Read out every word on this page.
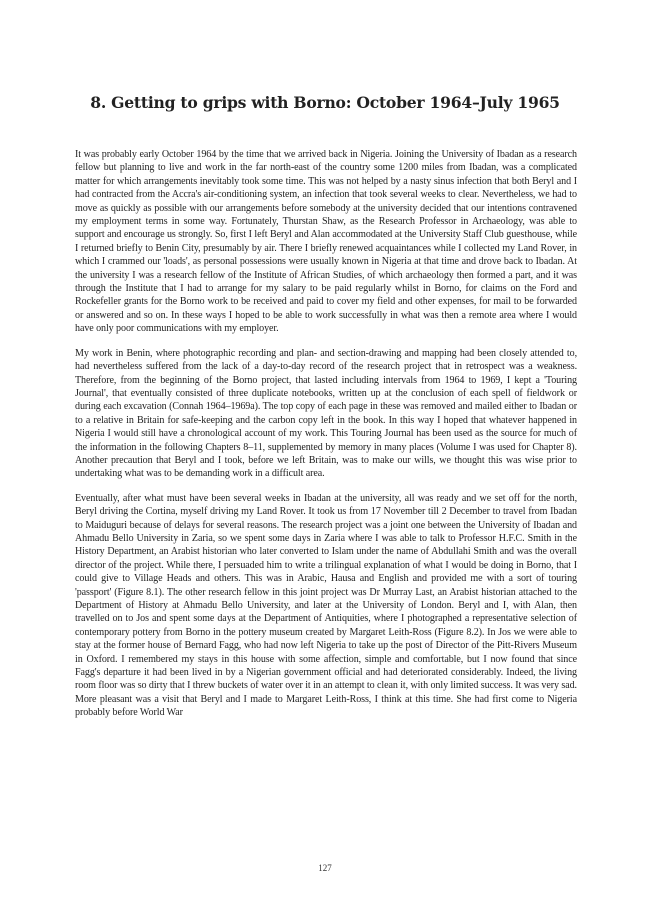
8. Getting to grips with Borno: October 1964–July 1965

It was probably early October 1964 by the time that we arrived back in Nigeria. Joining the University of Ibadan as a research fellow but planning to live and work in the far north-east of the country some 1200 miles from Ibadan, was a complicated matter for which arrangements inevitably took some time. This was not helped by a nasty sinus infection that both Beryl and I had contracted from the Accra's air-conditioning system, an infection that took several weeks to clear. Nevertheless, we had to move as quickly as possible with our arrangements before somebody at the university decided that our intentions contravened my employment terms in some way. Fortunately, Thurstan Shaw, as the Research Professor in Archaeology, was able to support and encourage us strongly. So, first I left Beryl and Alan accommodated at the University Staff Club guesthouse, while I returned briefly to Benin City, presumably by air. There I briefly renewed acquaintances while I collected my Land Rover, in which I crammed our 'loads', as personal possessions were usually known in Nigeria at that time and drove back to Ibadan. At the university I was a research fellow of the Institute of African Studies, of which archaeology then formed a part, and it was through the Institute that I had to arrange for my salary to be paid regularly whilst in Borno, for claims on the Ford and Rockefeller grants for the Borno work to be received and paid to cover my field and other expenses, for mail to be forwarded or answered and so on. In these ways I hoped to be able to work successfully in what was then a remote area where I would have only poor communications with my employer.

My work in Benin, where photographic recording and plan- and section-drawing and mapping had been closely attended to, had nevertheless suffered from the lack of a day-to-day record of the research project that in retrospect was a weakness. Therefore, from the beginning of the Borno project, that lasted including intervals from 1964 to 1969, I kept a 'Touring Journal', that eventually consisted of three duplicate notebooks, written up at the conclusion of each spell of fieldwork or during each excavation (Connah 1964–1969a). The top copy of each page in these was removed and mailed either to Ibadan or to a relative in Britain for safe-keeping and the carbon copy left in the book. In this way I hoped that whatever happened in Nigeria I would still have a chronological account of my work. This Touring Journal has been used as the source for much of the information in the following Chapters 8–11, supplemented by memory in many places (Volume I was used for Chapter 8). Another precaution that Beryl and I took, before we left Britain, was to make our wills, we thought this was wise prior to undertaking what was to be demanding work in a difficult area.

Eventually, after what must have been several weeks in Ibadan at the university, all was ready and we set off for the north, Beryl driving the Cortina, myself driving my Land Rover. It took us from 17 November till 2 December to travel from Ibadan to Maiduguri because of delays for several reasons. The research project was a joint one between the University of Ibadan and Ahmadu Bello University in Zaria, so we spent some days in Zaria where I was able to talk to Professor H.F.C. Smith in the History Department, an Arabist historian who later converted to Islam under the name of Abdullahi Smith and was the overall director of the project. While there, I persuaded him to write a trilingual explanation of what I would be doing in Borno, that I could give to Village Heads and others. This was in Arabic, Hausa and English and provided me with a sort of touring 'passport' (Figure 8.1). The other research fellow in this joint project was Dr Murray Last, an Arabist historian attached to the Department of History at Ahmadu Bello University, and later at the University of London. Beryl and I, with Alan, then travelled on to Jos and spent some days at the Department of Antiquities, where I photographed a representative selection of contemporary pottery from Borno in the pottery museum created by Margaret Leith-Ross (Figure 8.2). In Jos we were able to stay at the former house of Bernard Fagg, who had now left Nigeria to take up the post of Director of the Pitt-Rivers Museum in Oxford. I remembered my stays in this house with some affection, simple and comfortable, but I now found that since Fagg's departure it had been lived in by a Nigerian government official and had deteriorated considerably. Indeed, the living room floor was so dirty that I threw buckets of water over it in an attempt to clean it, with only limited success. It was very sad. More pleasant was a visit that Beryl and I made to Margaret Leith-Ross, I think at this time. She had first come to Nigeria probably before World War

127
